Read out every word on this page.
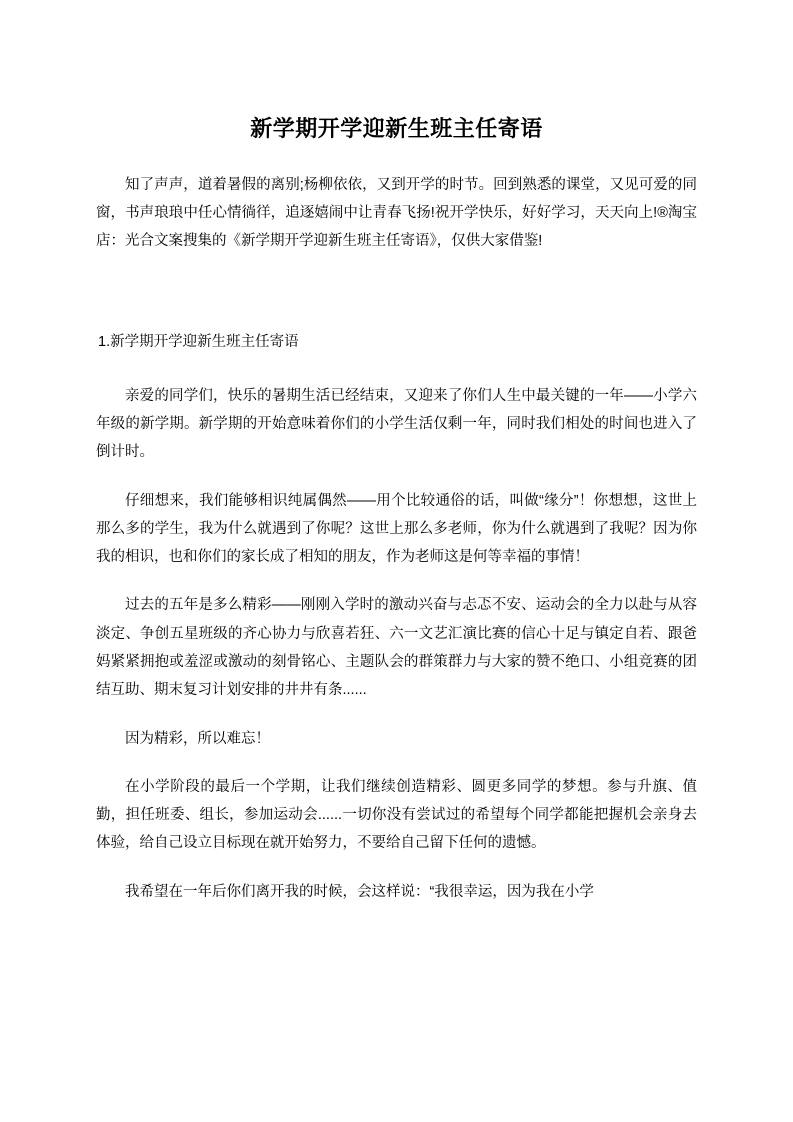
新学期开学迎新生班主任寄语

知了声声，道着暑假的离别;杨柳依依，又到开学的时节。回到熟悉的课堂，又见可爱的同窗，书声琅琅中任心情徜徉，追逐嬉闹中让青春飞扬!祝开学快乐，好好学习，天天向上!®淘宝店：光合文案搜集的《新学期开学迎新生班主任寄语》，仅供大家借鉴!

1.新学期开学迎新生班主任寄语

亲爱的同学们，快乐的暑期生活已经结束，又迎来了你们人生中最关键的一年——小学六年级的新学期。新学期的开始意味着你们的小学生活仅剩一年，同时我们相处的时间也进入了倒计时。

仔细想来，我们能够相识纯属偶然——用个比较通俗的话，叫做“缘分”！你想想，这世上那么多的学生，我为什么就遇到了你呢？这世上那么多老师，你为什么就遇到了我呢？因为你我的相识，也和你们的家长成了相知的朋友，作为老师这是何等幸福的事情！

过去的五年是多么精彩——刚刚入学时的激动兴奋与忐忑不安、运动会的全力以赴与从容淡定、争创五星班级的齐心协力与欣喜若狂、六一文艺汇演比赛的信心十足与镇定自若、跟爸妈紧紧拥抱或羞涩或激动的刻骨铭心、主题队会的群策群力与大家的赞不绝口、小组竞赛的团结互助、期末复习计划安排的井井有条......

因为精彩，所以难忘！

在小学阶段的最后一个学期，让我们继续创造精彩、圆更多同学的梦想。参与升旗、值勤，担任班委、组长，参加运动会......一切你没有尝试过的希望每个同学都能把握机会亲身去体验，给自己设立目标现在就开始努力，不要给自己留下任何的遗憾。

我希望在一年后你们离开我的时候，会这样说：“我很幸运，因为我在小学
